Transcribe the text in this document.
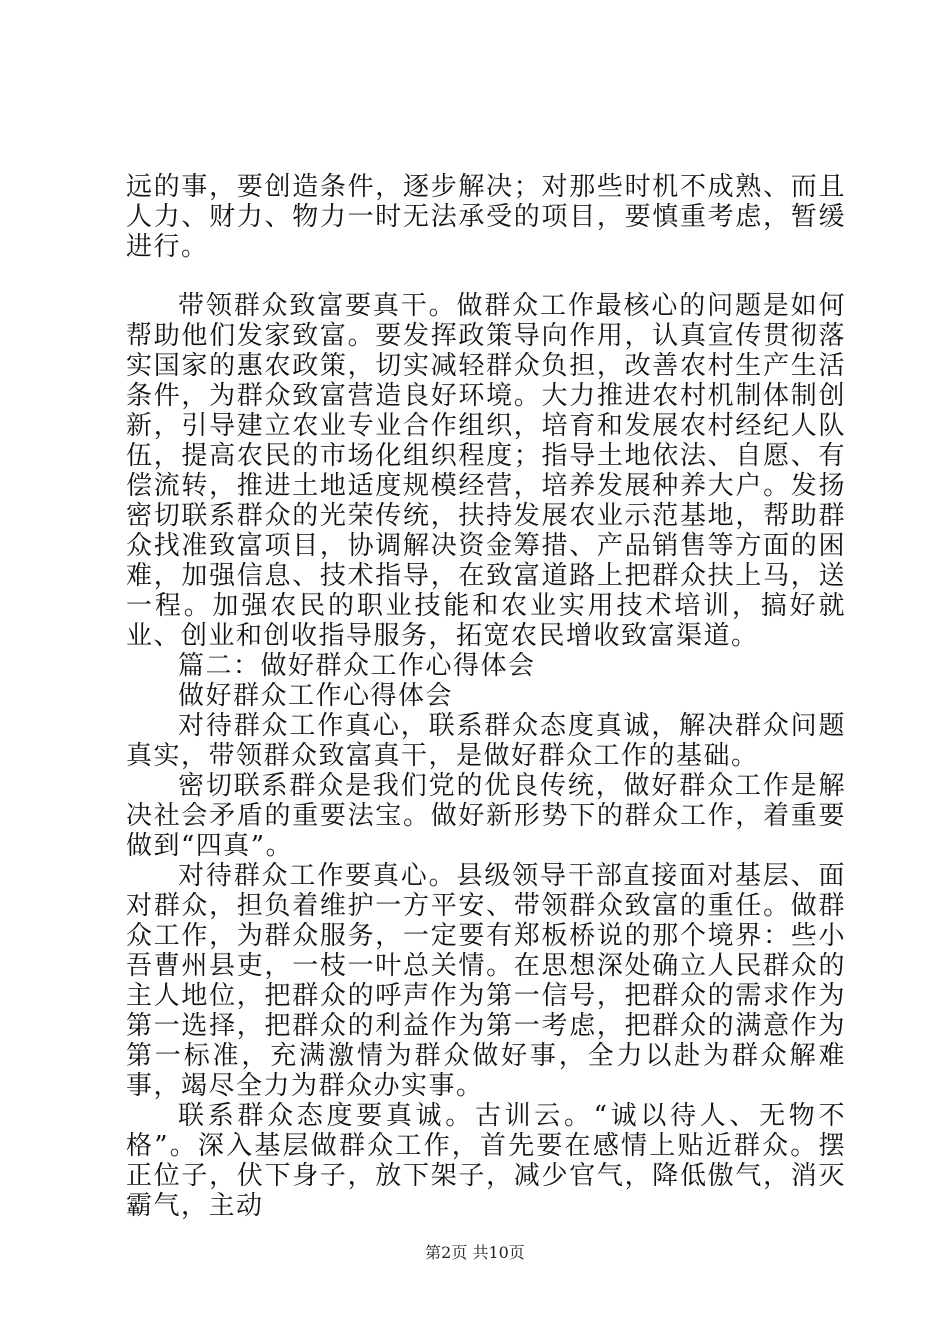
远的事，要创造条件，逐步解决；对那些时机不成熟、而且人力、财力、物力一时无法承受的项目，要慎重考虑，暂缓进行。

带领群众致富要真干。做群众工作最核心的问题是如何帮助他们发家致富。要发挥政策导向作用，认真宣传贯彻落实国家的惠农政策，切实减轻群众负担，改善农村生产生活条件，为群众致富营造良好环境。大力推进农村机制体制创新，引导建立农业专业合作组织，培育和发展农村经纪人队伍，提高农民的市场化组织程度；指导土地依法、自愿、有偿流转，推进土地适度规模经营，培养发展种养大户。发扬密切联系群众的光荣传统，扶持发展农业示范基地，帮助群众找准致富项目，协调解决资金筹措、产品销售等方面的困难，加强信息、技术指导，在致富道路上把群众扶上马，送一程。加强农民的职业技能和农业实用技术培训，搞好就业、创业和创收指导服务，拓宽农民增收致富渠道。

篇二：做好群众工作心得体会

做好群众工作心得体会

对待群众工作真心，联系群众态度真诚，解决群众问题真实，带领群众致富真干，是做好群众工作的基础。

密切联系群众是我们党的优良传统，做好群众工作是解决社会矛盾的重要法宝。做好新形势下的群众工作，着重要做到“四真”。

对待群众工作要真心。县级领导干部直接面对基层、面对群众，担负着维护一方平安、带领群众致富的重任。做群众工作，为群众服务，一定要有郑板桥说的那个境界：些小吾曹州县吏，一枝一叶总关情。在思想深处确立人民群众的主人地位，把群众的呼声作为第一信号，把群众的需求作为第一选择，把群众的利益作为第一考虑，把群众的满意作为第一标准，充满激情为群众做好事，全力以赴为群众解难事，竭尽全力为群众办实事。

联系群众态度要真诚。古训云。“诚以待人、无物不格”。深入基层做群众工作，首先要在感情上贴近群众。摆正位子，伏下身子，放下架子，减少官气，降低傲气，消灭霸气，主动

第2页 共10页
